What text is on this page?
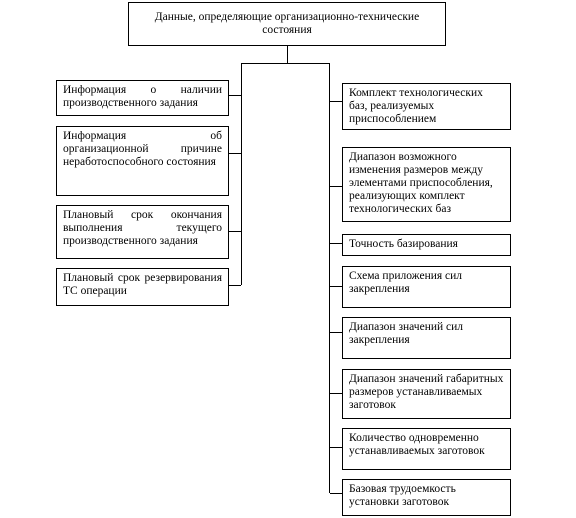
Данные, определяющие организационно-технические состояния
Информация о наличии производственного задания
Информация об организационной причине неработоспособного состояния
Плановый срок окончания выполнения текущего производственного задания
Плановый срок резервирования ТС операции
Комплект технологических баз, реализуемых приспособлением
Диапазон возможного изменения размеров между элементами приспособления, реализующих комплект технологических баз
Точность базирования
Схема приложения сил закрепления
Диапазон значений сил закрепления
Диапазон значений габаритных размеров устанавливаемых заготовок
Количество одновременно устанавливаемых заготовок
Базовая трудоемкость установки заготовок
